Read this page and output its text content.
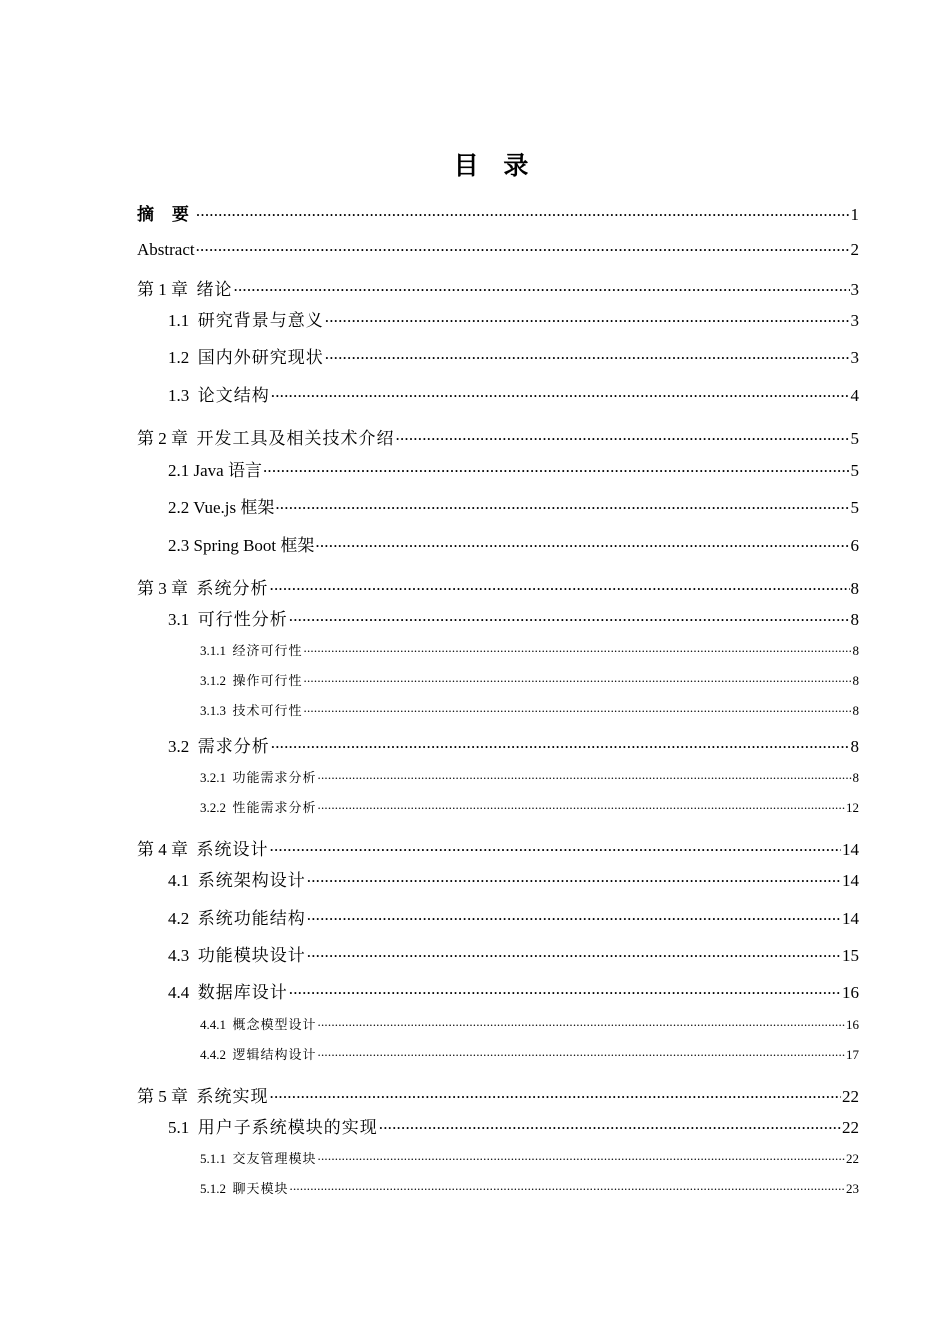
目 录
摘 要 .....	1
Abstract .....	2
第 1 章 绪论 .....	3
1.1 研究背景与意义 .....	3
1.2 国内外研究现状 .....	3
1.3 论文结构 .....	4
第 2 章 开发工具及相关技术介绍 .....	5
2.1 Java 语言 .....	5
2.2 Vue.js 框架 .....	5
2.3 Spring Boot 框架 .....	6
第 3 章 系统分析 .....	8
3.1 可行性分析 .....	8
3.1.1 经济可行性 .....	8
3.1.2 操作可行性 .....	8
3.1.3 技术可行性 .....	8
3.2 需求分析 .....	8
3.2.1 功能需求分析 .....	8
3.2.2 性能需求分析 .....	12
第 4 章 系统设计 .....	14
4.1 系统架构设计 .....	14
4.2 系统功能结构 .....	14
4.3 功能模块设计 .....	15
4.4 数据库设计 .....	16
4.4.1 概念模型设计 .....	16
4.4.2 逻辑结构设计 .....	17
第 5 章 系统实现 .....	22
5.1 用户子系统模块的实现 .....	22
5.1.1 交友管理模块 .....	22
5.1.2 聊天模块 .....	23
